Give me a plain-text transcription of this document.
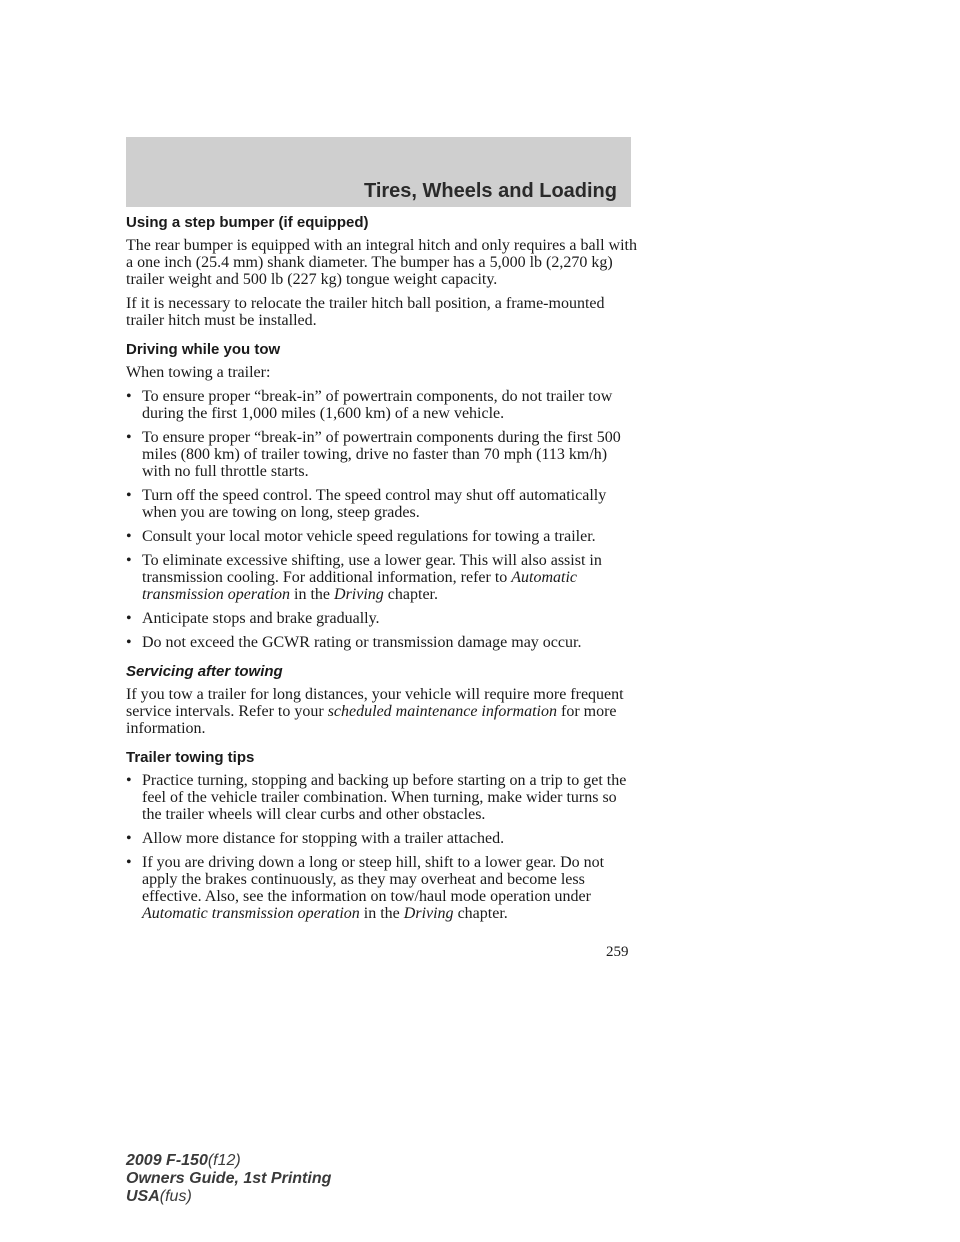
Tires, Wheels and Loading
Using a step bumper (if equipped)

The rear bumper is equipped with an integral hitch and only requires a ball with a one inch (25.4 mm) shank diameter. The bumper has a 5,000 lb (2,270 kg) trailer weight and 500 lb (227 kg) tongue weight capacity.

If it is necessary to relocate the trailer hitch ball position, a frame-mounted trailer hitch must be installed.

Driving while you tow

When towing a trailer:

• To ensure proper “break-in” of powertrain components, do not trailer tow during the first 1,000 miles (1,600 km) of a new vehicle.
• To ensure proper “break-in” of powertrain components during the first 500 miles (800 km) of trailer towing, drive no faster than 70 mph (113 km/h) with no full throttle starts.
• Turn off the speed control. The speed control may shut off automatically when you are towing on long, steep grades.
• Consult your local motor vehicle speed regulations for towing a trailer.
• To eliminate excessive shifting, use a lower gear. This will also assist in transmission cooling. For additional information, refer to Automatic transmission operation in the Driving chapter.
• Anticipate stops and brake gradually.
• Do not exceed the GCWR rating or transmission damage may occur.
Servicing after towing

If you tow a trailer for long distances, your vehicle will require more frequent service intervals. Refer to your scheduled maintenance information for more information.

Trailer towing tips
• Practice turning, stopping and backing up before starting on a trip to get the feel of the vehicle trailer combination. When turning, make wider turns so the trailer wheels will clear curbs and other obstacles.
• Allow more distance for stopping with a trailer attached.
• If you are driving down a long or steep hill, shift to a lower gear. Do not apply the brakes continuously, as they may overheat and become less effective. Also, see the information on tow/haul mode operation under Automatic transmission operation in the Driving chapter.
259
2009 F-150(f12)
Owners Guide, 1st Printing
USA(fus)
